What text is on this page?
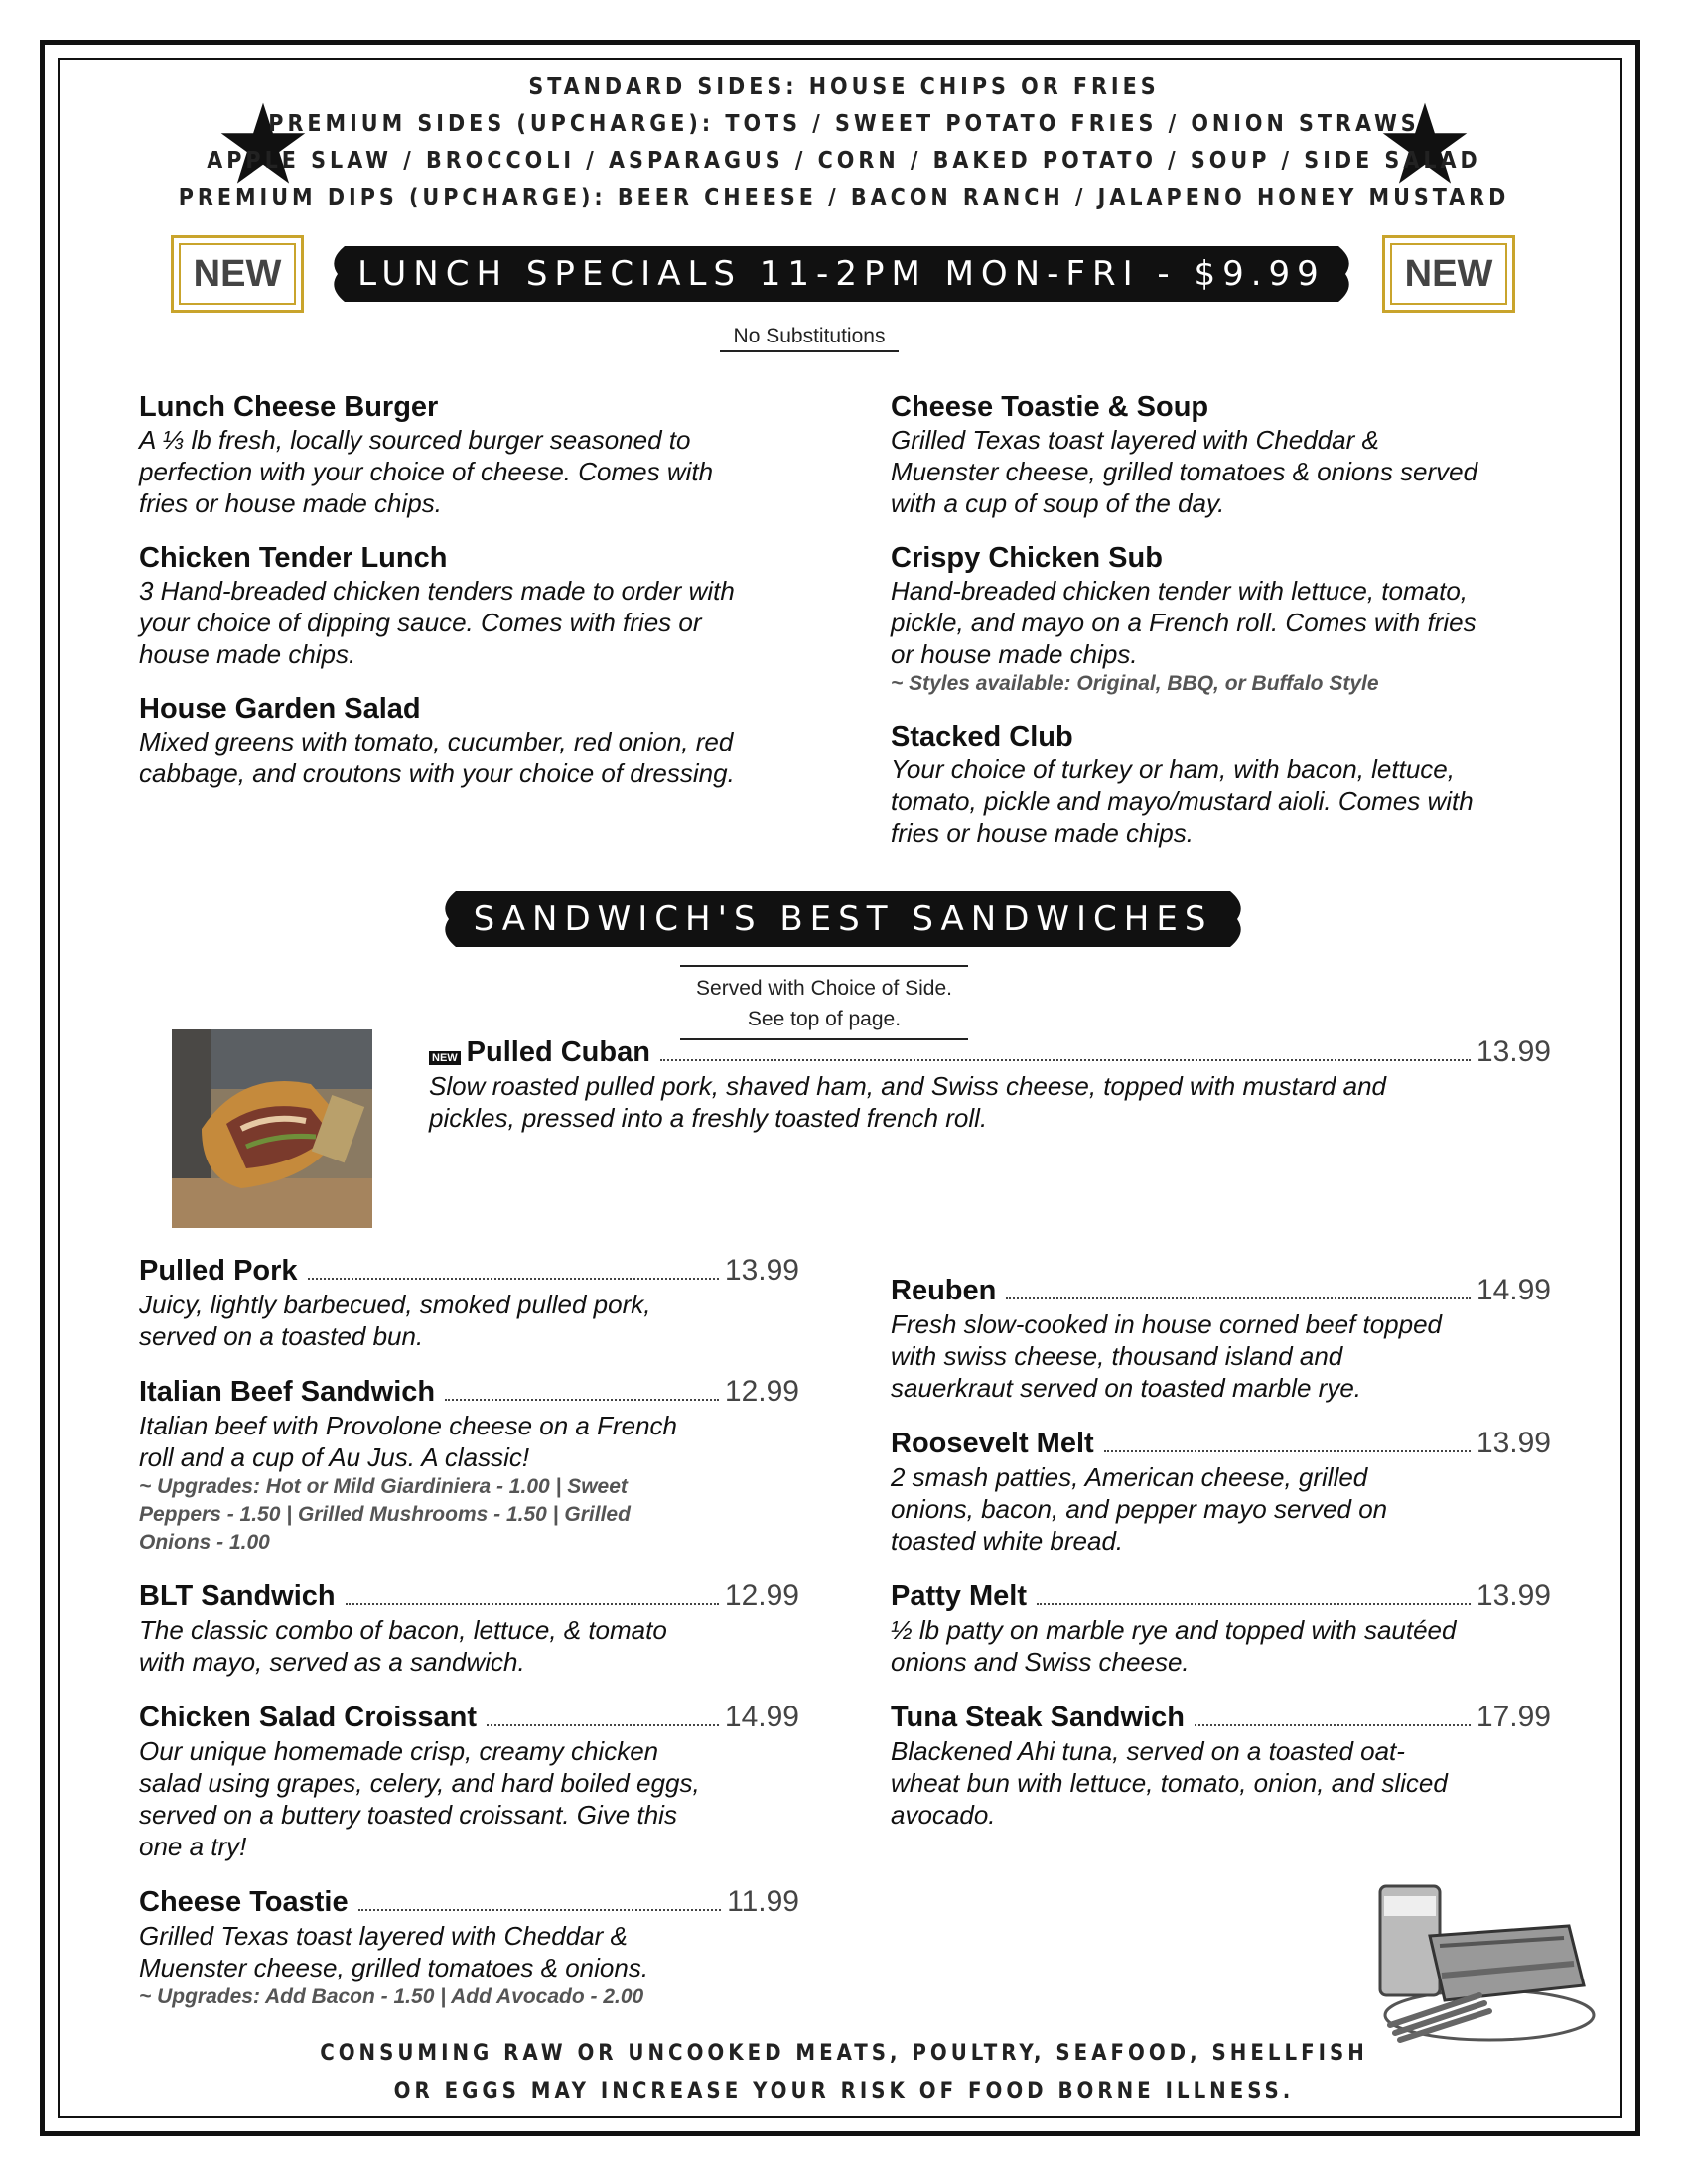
STANDARD SIDES: HOUSE CHIPS OR FRIES
PREMIUM SIDES (UPCHARGE): TOTS / SWEET POTATO FRIES / ONION STRAWS
APPLE SLAW / BROCCOLI / ASPARAGUS / CORN / BAKED POTATO / SOUP / SIDE SALAD
PREMIUM DIPS (UPCHARGE): BEER CHEESE / BACON RANCH / JALAPENO HONEY MUSTARD
NEW	NEW
LUNCH SPECIALS 11-2PM MON-FRI - $9.99
No Substitutions
Lunch Cheese Burger

A ⅓ lb fresh, locally sourced burger seasoned to perfection with your choice of cheese. Comes with fries or house made chips.

Chicken Tender Lunch

3 Hand-breaded chicken tenders made to order with your choice of dipping sauce. Comes with fries or house made chips.

House Garden Salad

Mixed greens with tomato, cucumber, red onion, red cabbage, and croutons with your choice of dressing.

Cheese Toastie & Soup

Grilled Texas toast layered with Cheddar & Muenster cheese, grilled tomatoes & onions served with a cup of soup of the day.

Crispy Chicken Sub

Hand-breaded chicken tender with lettuce, tomato, pickle, and mayo on a French roll. Comes with fries or house made chips.

~ Styles available: Original, BBQ, or Buffalo Style
Stacked Club

Your choice of turkey or ham, with bacon, lettuce, tomato, pickle and mayo/mustard aioli. Comes with fries or house made chips.

SANDWICH'S BEST SANDWICHES
Served with Choice of Side.
See top of page.
NEW Pulled Cuban	13.99

Slow roasted pulled pork, shaved ham, and Swiss cheese, topped with mustard and pickles, pressed into a freshly toasted french roll.

Pulled Pork	13.99

Juicy, lightly barbecued, smoked pulled pork, served on a toasted bun.

Italian Beef Sandwich	12.99

Italian beef with Provolone cheese on a French roll and a cup of Au Jus. A classic!

~ Upgrades: Hot or Mild Giardiniera - 1.00 | Sweet Peppers - 1.50 | Grilled Mushrooms - 1.50 | Grilled Onions - 1.00
BLT Sandwich	12.99

The classic combo of bacon, lettuce, & tomato with mayo, served as a sandwich.

Chicken Salad Croissant	14.99

Our unique homemade crisp, creamy chicken salad using grapes, celery, and hard boiled eggs, served on a buttery toasted croissant. Give this one a try!

Cheese Toastie	11.99

Grilled Texas toast layered with Cheddar & Muenster cheese, grilled tomatoes & onions.

~ Upgrades: Add Bacon - 1.50 | Add Avocado - 2.00
Reuben	14.99

Fresh slow-cooked in house corned beef topped with swiss cheese, thousand island and sauerkraut served on toasted marble rye.

Roosevelt Melt	13.99

2 smash patties, American cheese, grilled onions, bacon, and pepper mayo served on toasted white bread.

Patty Melt	13.99

½ lb patty on marble rye and topped with sautéed onions and Swiss cheese.

Tuna Steak Sandwich	17.99

Blackened Ahi tuna, served on a toasted oat-wheat bun with lettuce, tomato, onion, and sliced avocado.

CONSUMING RAW OR UNCOOKED MEATS, POULTRY, SEAFOOD, SHELLFISH
OR EGGS MAY INCREASE YOUR RISK OF FOOD BORNE ILLNESS.
